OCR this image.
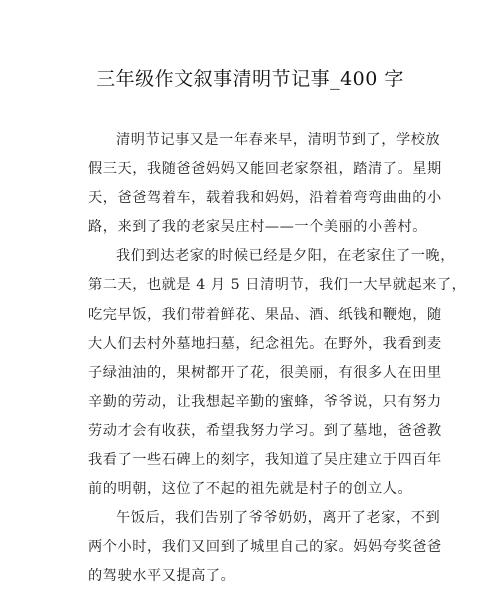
三年级作文叙事清明节记事_400 字
清明节记事又是一年春来早，清明节到了，学校放
假三天，我随爸爸妈妈又能回老家祭祖，踏清了。星期
天，爸爸驾着车，载着我和妈妈，沿着着弯弯曲曲的小
路，来到了我的老家吴庄村——一个美丽的小善村。
我们到达老家的时候已经是夕阳，在老家住了一晚，
第二天，也就是 4 月 5 日清明节，我们一大早就起来了，
吃完早饭，我们带着鲜花、果品、酒、纸钱和鞭炮，随
大人们去村外墓地扫墓，纪念祖先。在野外，我看到麦
子绿油油的，果树都开了花，很美丽，有很多人在田里
辛勤的劳动，让我想起辛勤的蜜蜂，爷爷说，只有努力
劳动才会有收获，希望我努力学习。到了墓地，爸爸教
我看了一些石碑上的刻字，我知道了吴庄建立于四百年
前的明朝，这位了不起的祖先就是村子的创立人。
午饭后，我们告别了爷爷奶奶，离开了老家，不到
两个小时，我们又回到了城里自己的家。妈妈夸奖爸爸
的驾驶水平又提高了。
